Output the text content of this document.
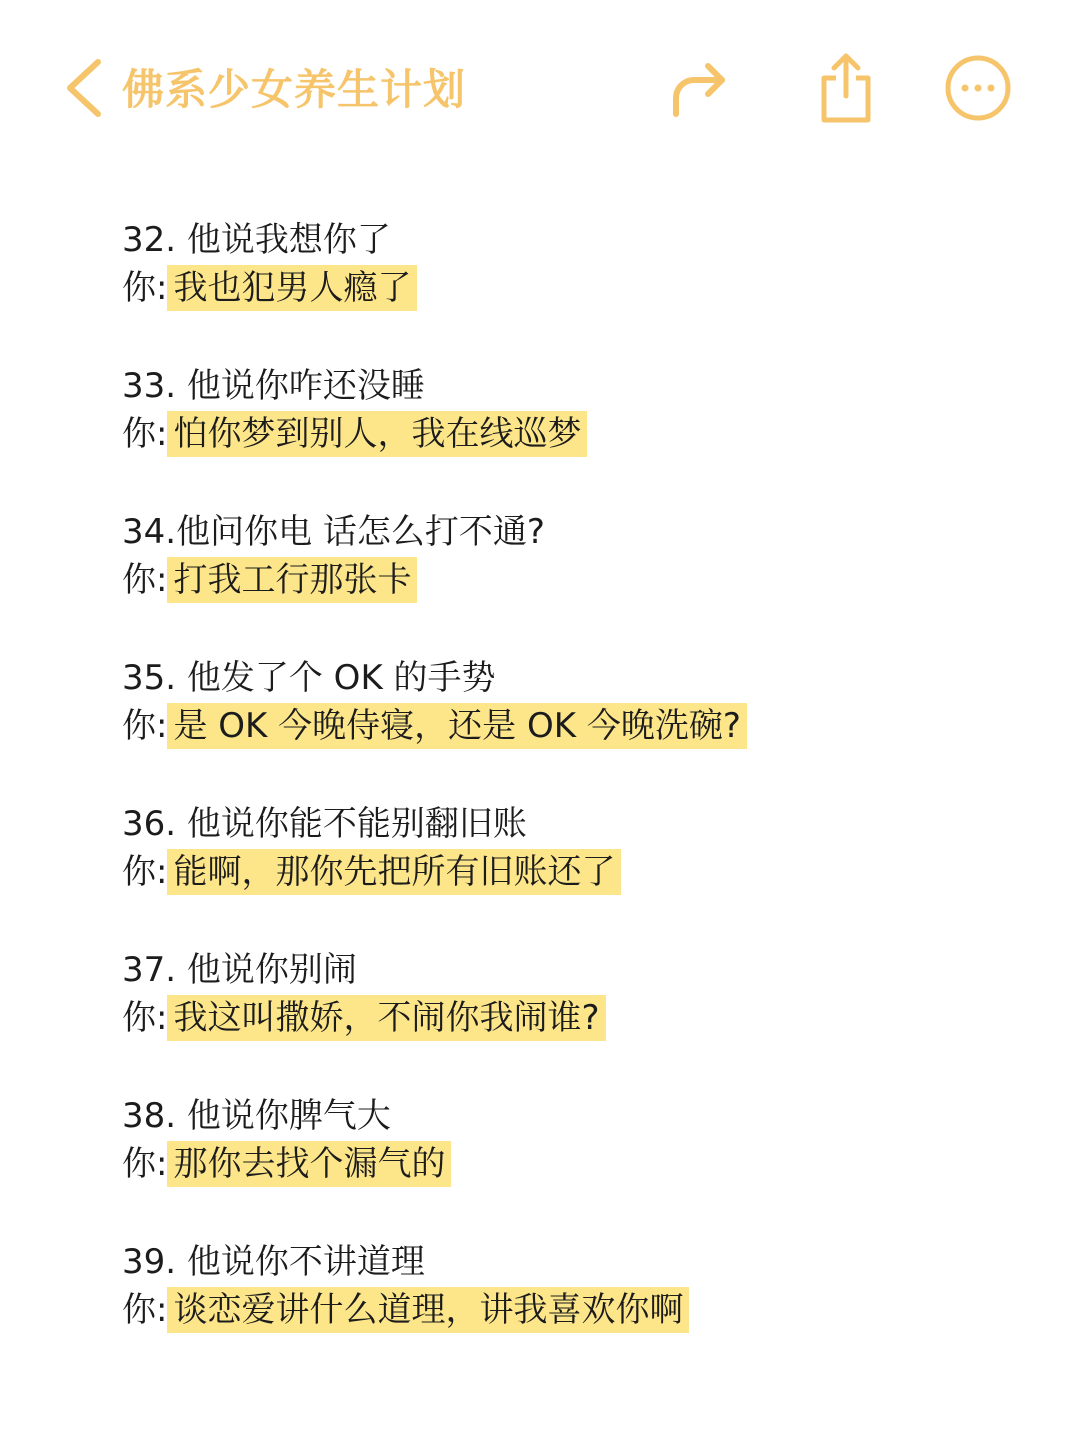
佛系少女养生计划
32. 他说我想你了
你: 我也犯男人瘾了
33. 他说你咋还没睡
你: 怕你梦到别人，我在线巡梦
34.他问你电 话怎么打不通?
你: 打我工行那张卡
35. 他发了个 OK 的手势
你: 是 OK 今晚侍寝，还是 OK 今晚洗碗?
36. 他说你能不能别翻旧账
你: 能啊，那你先把所有旧账还了
37. 他说你别闹
你: 我这叫撒娇，不闹你我闹谁?
38. 他说你脾气大
你: 那你去找个漏气的
39. 他说你不讲道理
你: 谈恋爱讲什么道理，讲我喜欢你啊
